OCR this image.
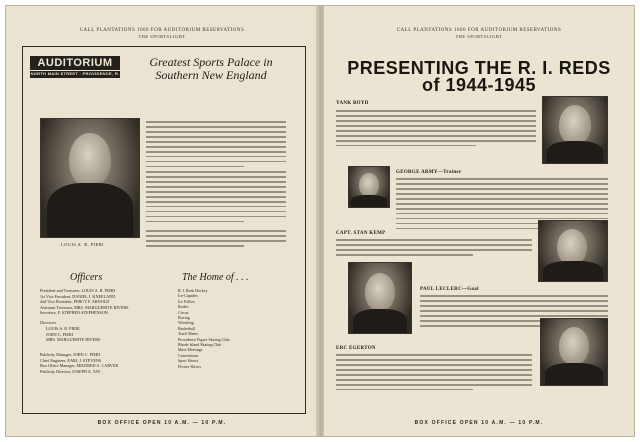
CALL PLANTATIONS 1600 FOR AUDITORIUM RESERVATIONS
THE SPORTSLIGHT
AUDITORIUM
NORTH MAIN STREET · PROVIDENCE, R. I.
Greatest Sports Palace in Southern New England
LOUIS A. R. PIERI
Officers
President and Treasurer, LOUIS A. R. PIERI
1st Vice President, DANIEL J. KNEELAND
2nd Vice President, PERCY F. ARNOLD
Assistant Treasurer, MRS. MARGUERITE RIVERS
Secretary, F. STEPHEN STEPHENSON
Directors
LOUIS A. R. PIERI
JOHN C. PIERI
MRS. MARGUERITE RIVERS
Publicity Manager, JOHN C. PIERI
Chief Engineer, EARL J. STEVENS
Box Office Manager, MILDRED A. CARVER
Publicity Director, JOSEPH A. TAY
The Home of . . .
R. I. Reds Hockey
Ice-Capades
Ice Follies
Rodeo
Circus
Boxing
Wrestling
Basketball
Track Meets
Providence Figure Skating Club
Rhode Island Skating Club
Mass Meetings
Conventions
Sport Shows
Flower Shows
BOX OFFICE OPEN 10 A.M. — 10 P.M.
CALL PLANTATIONS 1600 FOR AUDITORIUM RESERVATIONS
THE SPORTSLIGHT
PRESENTING THE R. I. REDS
of 1944-1945
YANK BOYD
GEORGE ARMY—Trainer
CAPT. STAN KEMP
PAUL LECLERC—Goal
ERC EGERTON
BOX OFFICE OPEN 10 A.M. — 10 P.M.
